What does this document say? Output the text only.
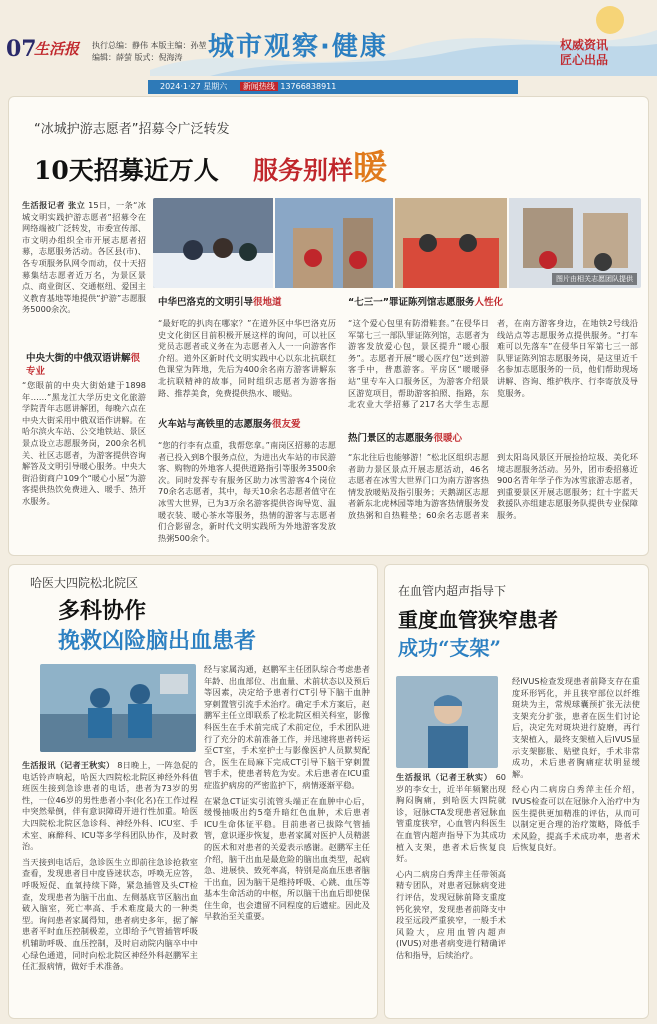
07
生活报 执行总编：静伟 本版主编：孙堃
编辑：薛萤 版式：倪海涛 城市观察·健康	权威资讯
匠心出品
2024·1·27 星期六 新闻热线 13766838911
“冰城护游志愿者”招募令广泛转发
10天招募近万人 服务别样暖
生活报记者 张立 15日，一条“冰城文明实践护游志愿者”招募令在网络端被广泛转发，市委宣传部、市文明办组织全市开展志愿者招募，志愿服务活动。各区县(市)、各专项服务队网令而动，仅十天招募集结志愿者近万名，为景区景点、商业街区、交通枢纽、爱国主义教育基地等地提供“护游”志愿服务5000余次。
图片由相关志愿团队提供
中央大街的中俄双语讲解很专业
“您眼前的中央大街始建于1898年……”黑龙江大学历史文化旅游学院青年志愿讲解团，每晚六点在中央大街采用中俄双语作讲解。在哈尔滨火车站、公交地铁站、景区景点设立志愿服务岗，200余名机关、社区志愿者，为游客提供咨询解答及文明引导暖心服务。中央大街沿街商户109个“暖心小屋”为游客提供热饮免费进入、暖手、热开水服务。
中华巴洛克的文明引导很地道
“最好吃的扒肉在哪家？”在道外区中华巴洛克历史文化街区目前积极开展这样的询问，可以社区党员志愿者或义务在为志愿者入人一一向游客作介绍。道外区新时代文明实践中心以东北抗联红色课堂为阵地，先后为400余名南方游客讲解东北抗联精神的故事，同时组织志愿者为游客指路、推荐美食，免费提供热水、暖贴。
火车站与高铁里的志愿服务很友爱
“您的行李有点重，我帮您拿。”南岗区招募的志愿者已投入到8个服务点位，为进出火车站的市民游客、购物的外地客人提供道路指引等服务3500余次。同时发挥专有服务区助力冰雪游客4个岗位70余名志愿者，其中，每天10余名志愿者值守在冰雪大世界，已为3万余名游客提供咨询导览、温暖衣装、暖心茶水等服务，热情的游客与志愿者们合影留念，新时代文明实践所为外地游客发放热粥500余个。
“七三一”罪证陈列馆志愿服务人性化
“这个爱心包里有防滑鞋套。”在侵华日军第七三一部队罪证陈列馆，志愿者为游客发放爱心包，景区提升“暖心服务”。志愿者开展“暖心医疗包”送到游客手中，普惠游客。平房区“暖暖驿站”里专车入口服务区，为游客介绍景区游览项目，帮助游客拍照、指路，东北农业大学招募了217名大学生志愿者，在南方游客身边，在地铁2号线沿线站点等志愿服务点提供服务。“打车难可以先落车”在侵华日军第七三一部队罪证陈列馆志愿服务岗，是这里近千名参加志愿服务的一员，他们帮助现场讲解、咨询、维护秩序、行李寄放及导览服务。
热门景区的志愿服务很暖心
“东北往后也能够游！”松北区组织志愿者助力景区景点开展志愿活动，46名志愿者在冰雪大世界门口为南方游客热情发放暖贴及指引服务；天鹅湖区志愿者新东北虎林园等地为游客热情服务发放热粥和自热鞋垫；60余名志愿者来到太阳岛风景区开展捡拾垃圾、美化环境志愿服务活动。另外，团市委招募近900名青年学子作为冰雪旅游志愿者，到重要景区开展志愿服务；红十字蓝天救援队亦组建志愿服务队提供专业保障服务。
哈医大四院松北院区
多科协作
挽救凶险脑出血患者
生活报讯（记者王秋实） 8日晚上，一阵急促的电话铃声响起，哈医大四院松北院区神经外科值班医生接到急诊患者的电话，患者为73岁的男性，一位46岁的男性患者小李(化名)在工作过程中突然晕倒，伴有意识障碍开进行性加重。哈医大四院松北院区急诊科、神经外科、ICU室、手术室、麻醉科、ICU等多学科团队协作，及时救治。
当天接到电话后，急诊医生立即前往急诊抢救室查看，发现患者目中度昏迷状态，呼唤无应答，呼吸短促、血氧持续下降，紧急插管及头CT检查，发现患者为脑干出血、左侧基底节区脑出血破入脑室，死亡率高、手术难度最大的一种类型。询问患者家属得知，患者病史多年，据了解患者平时血压控制极差，立即给予气管插管呼吸机辅助呼吸、血压控制，及时启动院内脑卒中中心绿色通道，同时向松北院区神经外科赵鹏军主任汇报病情，做好手术准备。
经与家属沟通，赵鹏军主任团队综合考虑患者年龄、出血部位、出血量、术前状态以及预后等因素，决定给予患者行CT引导下脑干血肿穿刺置管引流手术治疗。确定手术方案后，赵鹏军主任立即联系了松北院区相关科室，影像科医生在手术前完成了术前定位，手术团队进行了充分的术前准备工作，并迅速将患者转运至CT室，手术室护士与影像医护人员默契配合，医生在局麻下完成CT引导下脑干穿刺置管手术，使患者转危为安。术后患者在ICU重症监护病房的严密监护下，病情逐渐平稳。
在紧急CT证实引流管头端正在血肿中心后，缓慢抽吸出约5毫升暗红色血肿，术后患者ICU生命体征平稳。目前患者已拔除气管插管，意识逐步恢复，患者家属对医护人员精湛的医术和对患者的关爱表示感谢。赵鹏军主任介绍，脑干出血是最危险的脑出血类型，起病急、进展快、致死率高，特别是高血压患者脑干出血，因为脑干是维持呼吸、心跳、血压等基本生命活动的中枢，所以脑干出血后即使保住生命，也会遗留不同程度的后遗症。因此及早救治至关重要。
在血管内超声指导下
重度血管狭窄患者
成功“支架”
生活报讯（记者王秋实） 60岁的李女士，近半年频繁出现胸闷胸痛，到哈医大四院就诊，冠脉CTA发现患者冠脉血管重度狭窄，心血管内科医生在血管内超声指导下为其成功植入支架，患者术后恢复良好。
心内二病房白秀萍主任带领高精专团队，对患者冠脉病变进行评估，发现冠脉前降支重度钙化狭窄，发现患者前降支中段至远段严重狭窄，一般手术风险大，应用血管内超声(IVUS)对患者病变进行精确评估和指导，后续治疗。
经IVUS检查发现患者前降支存在重度环形钙化，并且狭窄部位以纤维斑块为主，常规球囊预扩张无法使支架充分扩张，患者在医生们讨论后，决定先对斑块进行旋磨，再行支架植入，最终支架植入后IVUS显示支架膨胀、贴壁良好，手术非常成功，术后患者胸痛症状明显缓解。
经心内二病房白秀萍主任介绍，IVUS检查可以在冠脉介入治疗中为医生提供更加精准的评估，从而可以制定更合理的治疗策略，降低手术风险，提高手术成功率，患者术后恢复良好。
